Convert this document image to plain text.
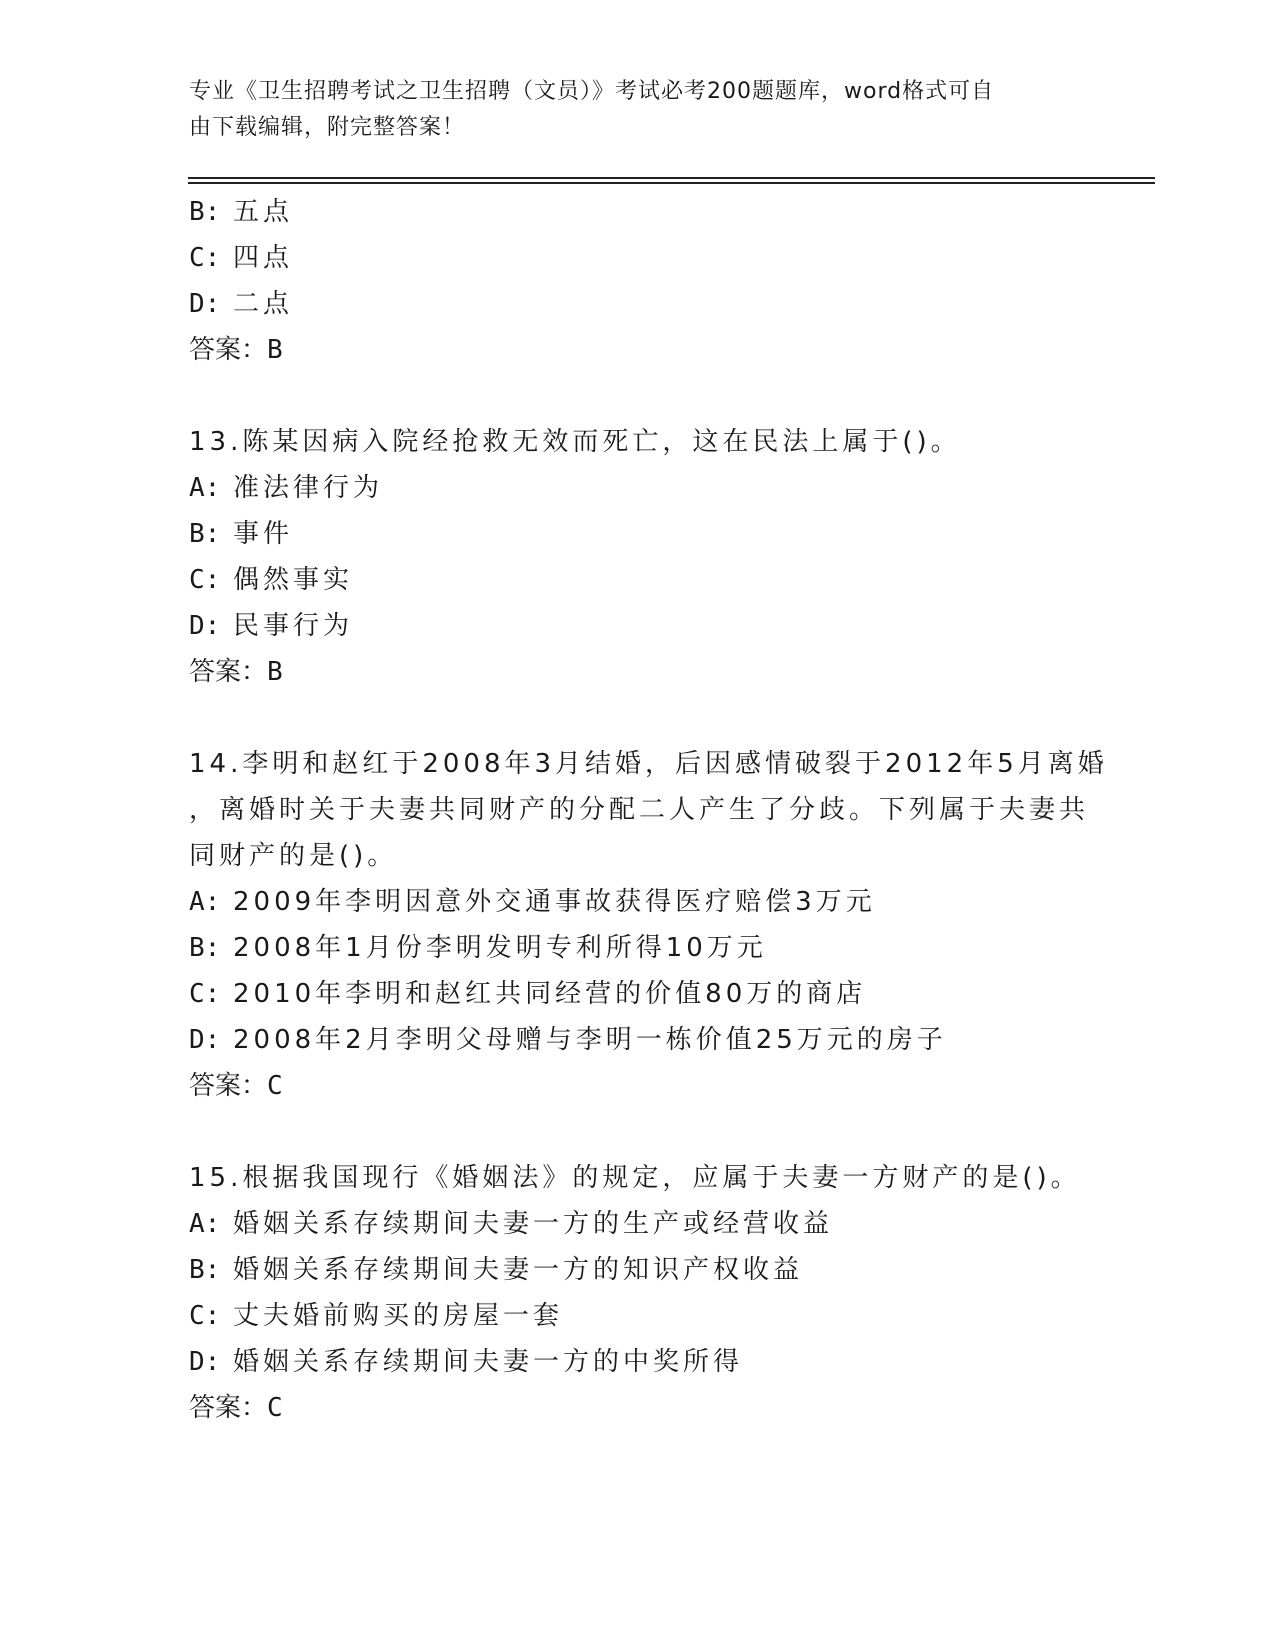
专业《卫生招聘考试之卫生招聘（文员）》考试必考200题题库，word格式可自
由下载编辑，附完整答案！
B: 五点
C: 四点
D: 二点
答案：B
13.陈某因病入院经抢救无效而死亡，这在民法上属于()。
A: 准法律行为
B: 事件
C: 偶然事实
D: 民事行为
答案：B
14.李明和赵红于2008年3月结婚，后因感情破裂于2012年5月离婚
，离婚时关于夫妻共同财产的分配二人产生了分歧。下列属于夫妻共
同财产的是()。
A: 2009年李明因意外交通事故获得医疗赔偿3万元
B: 2008年1月份李明发明专利所得10万元
C: 2010年李明和赵红共同经营的价值80万的商店
D: 2008年2月李明父母赠与李明一栋价值25万元的房子
答案：C
15.根据我国现行《婚姻法》的规定，应属于夫妻一方财产的是()。
A: 婚姻关系存续期间夫妻一方的生产或经营收益
B: 婚姻关系存续期间夫妻一方的知识产权收益
C: 丈夫婚前购买的房屋一套
D: 婚姻关系存续期间夫妻一方的中奖所得
答案：C
